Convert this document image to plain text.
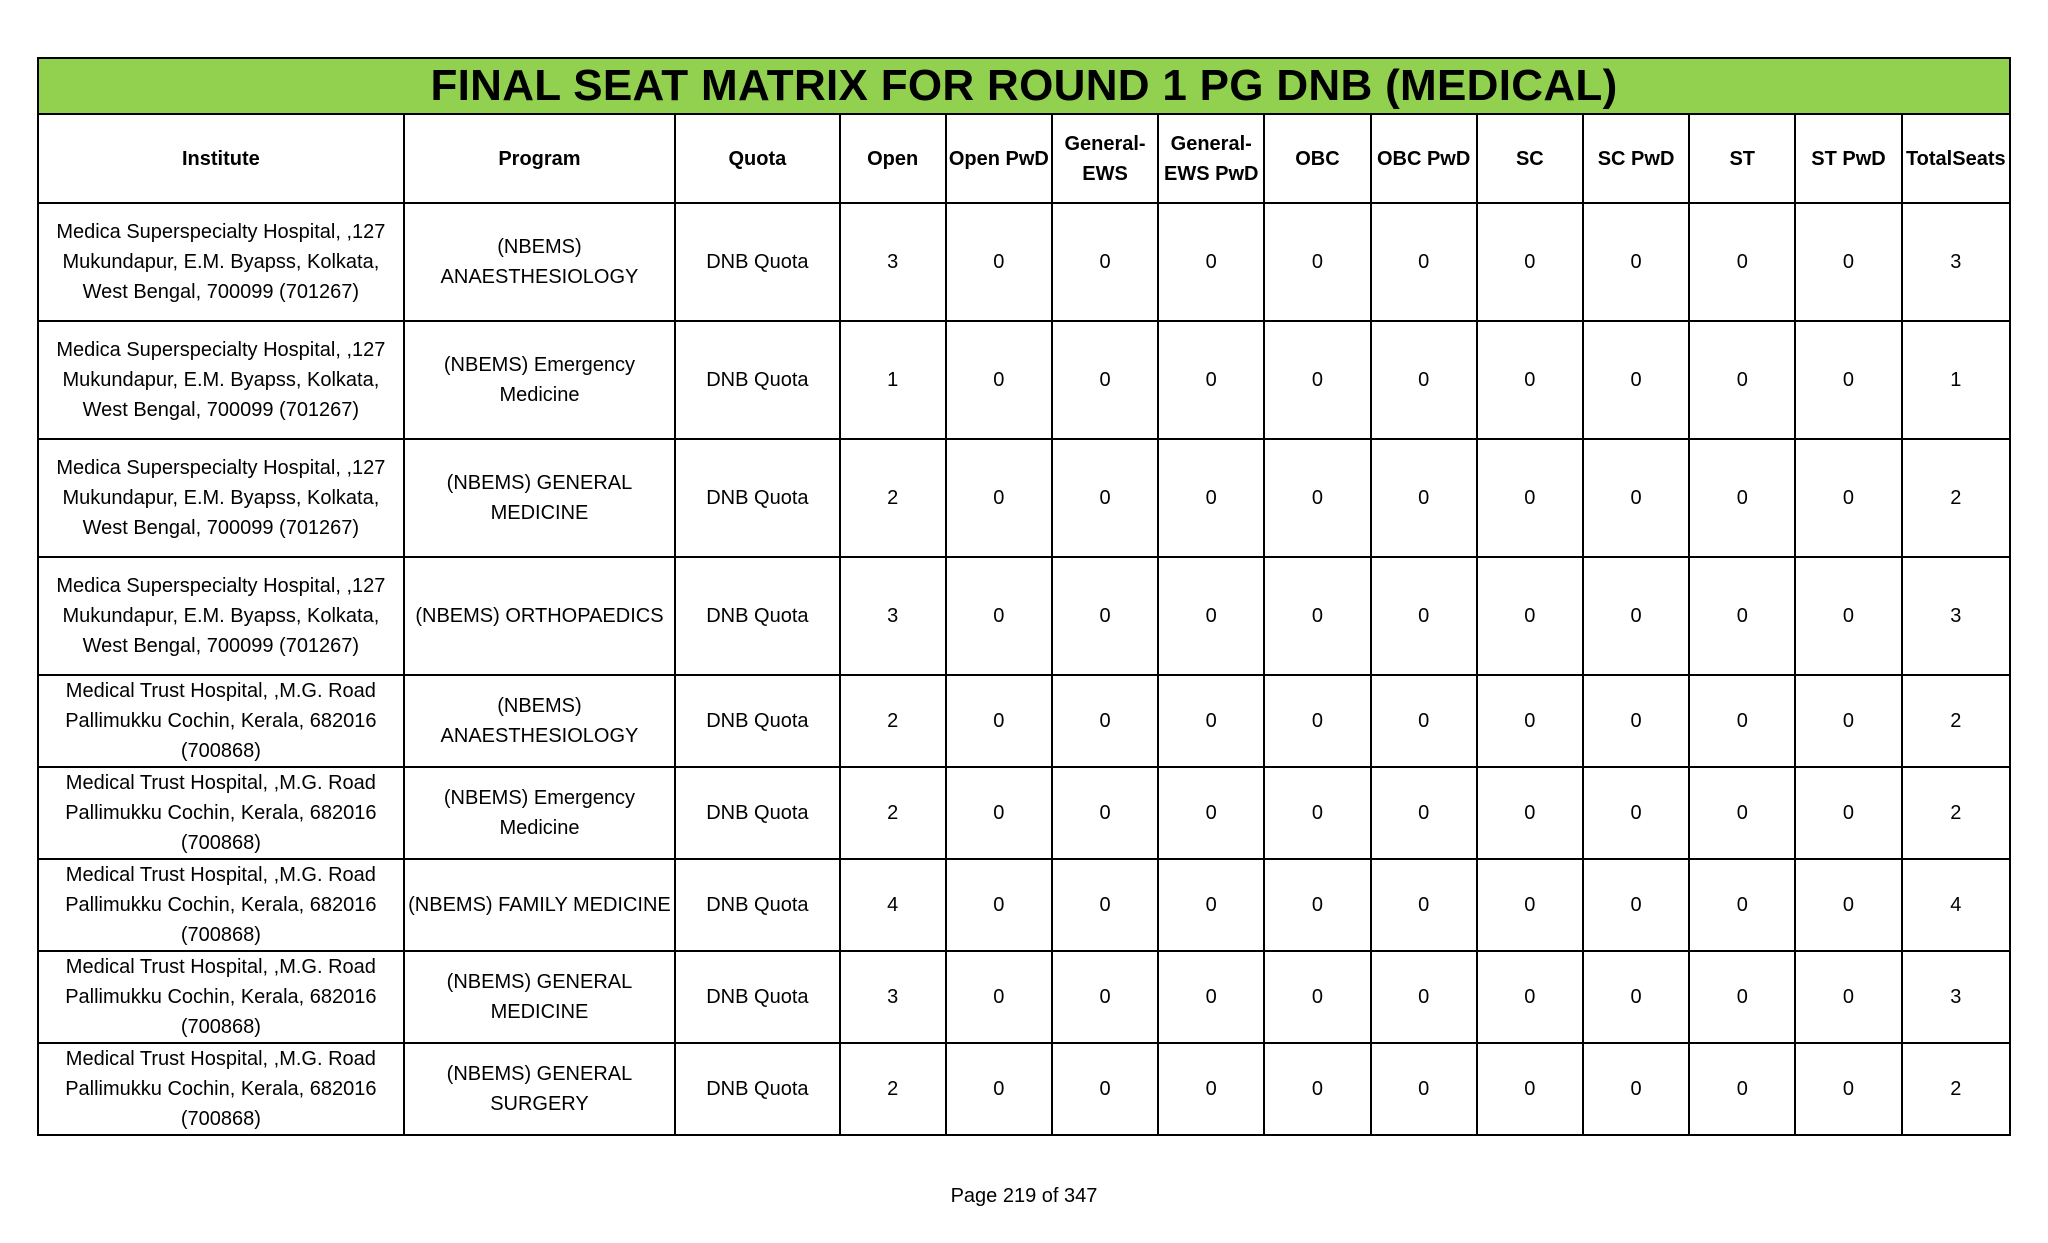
FINAL SEAT MATRIX FOR ROUND 1 PG DNB (MEDICAL)													
Institute	Program	Quota	Open	Open PwD	General-EWS	General-EWS PwD	OBC	OBC PwD	SC	SC PwD	ST	ST PwD	TotalSeats
Medica Superspecialty Hospital, ,127 Mukundapur, E.M. Byapss, Kolkata, West Bengal, 700099 (701267)	(NBEMS) ANAESTHESIOLOGY	DNB Quota	3	0	0	0	0	0	0	0	0	0	3
Medica Superspecialty Hospital, ,127 Mukundapur, E.M. Byapss, Kolkata, West Bengal, 700099 (701267)	(NBEMS) Emergency Medicine	DNB Quota	1	0	0	0	0	0	0	0	0	0	1
Medica Superspecialty Hospital, ,127 Mukundapur, E.M. Byapss, Kolkata, West Bengal, 700099 (701267)	(NBEMS) GENERAL MEDICINE	DNB Quota	2	0	0	0	0	0	0	0	0	0	2
Medica Superspecialty Hospital, ,127 Mukundapur, E.M. Byapss, Kolkata, West Bengal, 700099 (701267)	(NBEMS) ORTHOPAEDICS	DNB Quota	3	0	0	0	0	0	0	0	0	0	3
Medical Trust Hospital, ,M.G. Road Pallimukku Cochin, Kerala, 682016 (700868)	(NBEMS) ANAESTHESIOLOGY	DNB Quota	2	0	0	0	0	0	0	0	0	0	2
Medical Trust Hospital, ,M.G. Road Pallimukku Cochin, Kerala, 682016 (700868)	(NBEMS) Emergency Medicine	DNB Quota	2	0	0	0	0	0	0	0	0	0	2
Medical Trust Hospital, ,M.G. Road Pallimukku Cochin, Kerala, 682016 (700868)	(NBEMS) FAMILY MEDICINE	DNB Quota	4	0	0	0	0	0	0	0	0	0	4
Medical Trust Hospital, ,M.G. Road Pallimukku Cochin, Kerala, 682016 (700868)	(NBEMS) GENERAL MEDICINE	DNB Quota	3	0	0	0	0	0	0	0	0	0	3
Medical Trust Hospital, ,M.G. Road Pallimukku Cochin, Kerala, 682016 (700868)	(NBEMS) GENERAL SURGERY	DNB Quota	2	0	0	0	0	0	0	0	0	0	2
Page 219 of 347
